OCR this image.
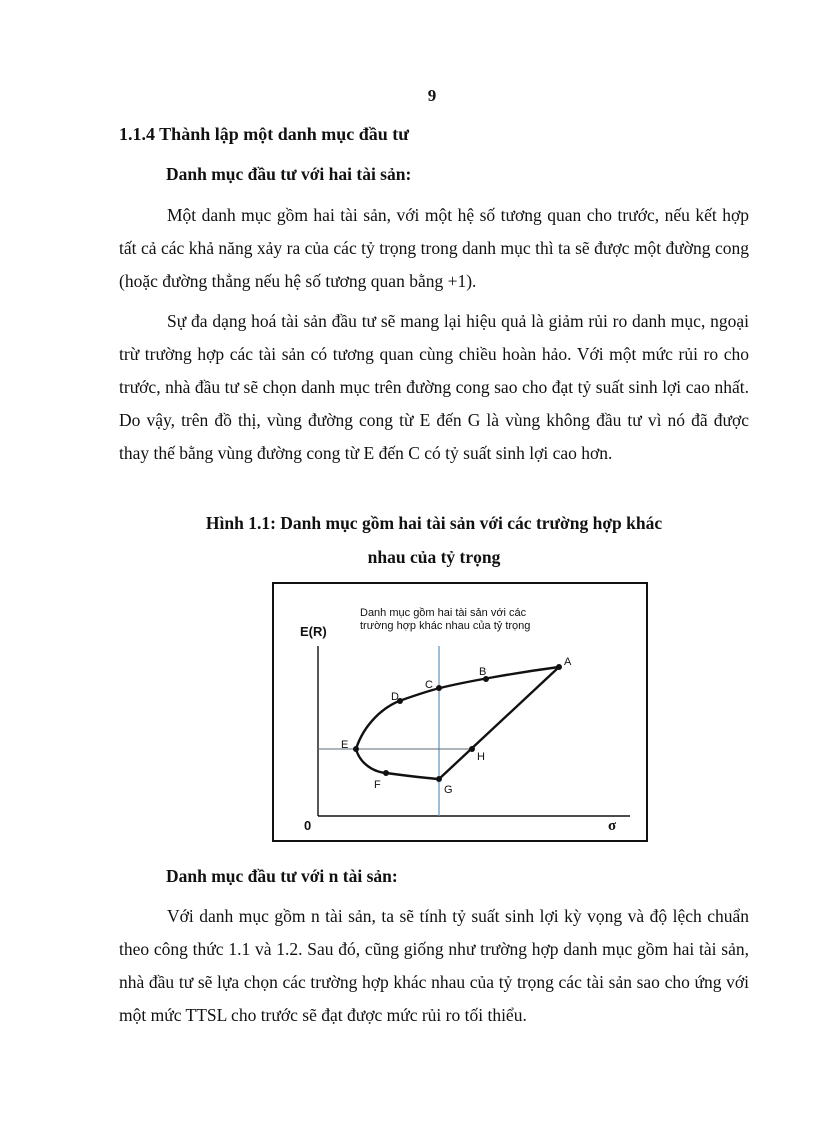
9
1.1.4 Thành lập một danh mục đầu tư
Danh mục đầu tư với hai tài sản:

Một danh mục gồm hai tài sản, với một hệ số tương quan cho trước, nếu kết hợp tất cả các khả năng xảy ra của các tỷ trọng trong danh mục thì ta sẽ được một đường cong (hoặc đường thẳng nếu hệ số tương quan bằng +1).

Sự đa dạng hoá tài sản đầu tư sẽ mang lại hiệu quả là giảm rủi ro danh mục, ngoại trừ trường hợp các tài sản có tương quan cùng chiều hoàn hảo. Với một mức rủi ro cho trước, nhà đầu tư sẽ chọn danh mục trên đường cong sao cho đạt tỷ suất sinh lợi cao nhất. Do vậy, trên đồ thị, vùng đường cong từ E đến G là vùng không đầu tư vì nó đã được thay thế bằng vùng đường cong từ E đến C có tỷ suất sinh lợi cao hơn.

Hình 1.1: Danh mục gồm hai tài sản với các trường hợp khác
nhau của tỷ trọng
Danh mục gồm hai tài sản với các
trường hợp khác nhau của tỷ trọng
E(R)
0	σ
A
B
C
D
E
F	G
H
Danh mục đầu tư với n tài sản:

Với danh mục gồm n tài sản, ta sẽ tính tỷ suất sinh lợi kỳ vọng và độ lệch chuẩn theo công thức 1.1 và 1.2. Sau đó, cũng giống như trường hợp danh mục gồm hai tài sản, nhà đầu tư sẽ lựa chọn các trường hợp khác nhau của tỷ trọng các tài sản sao cho ứng với một mức TTSL cho trước sẽ đạt được mức rủi ro tối thiểu.
